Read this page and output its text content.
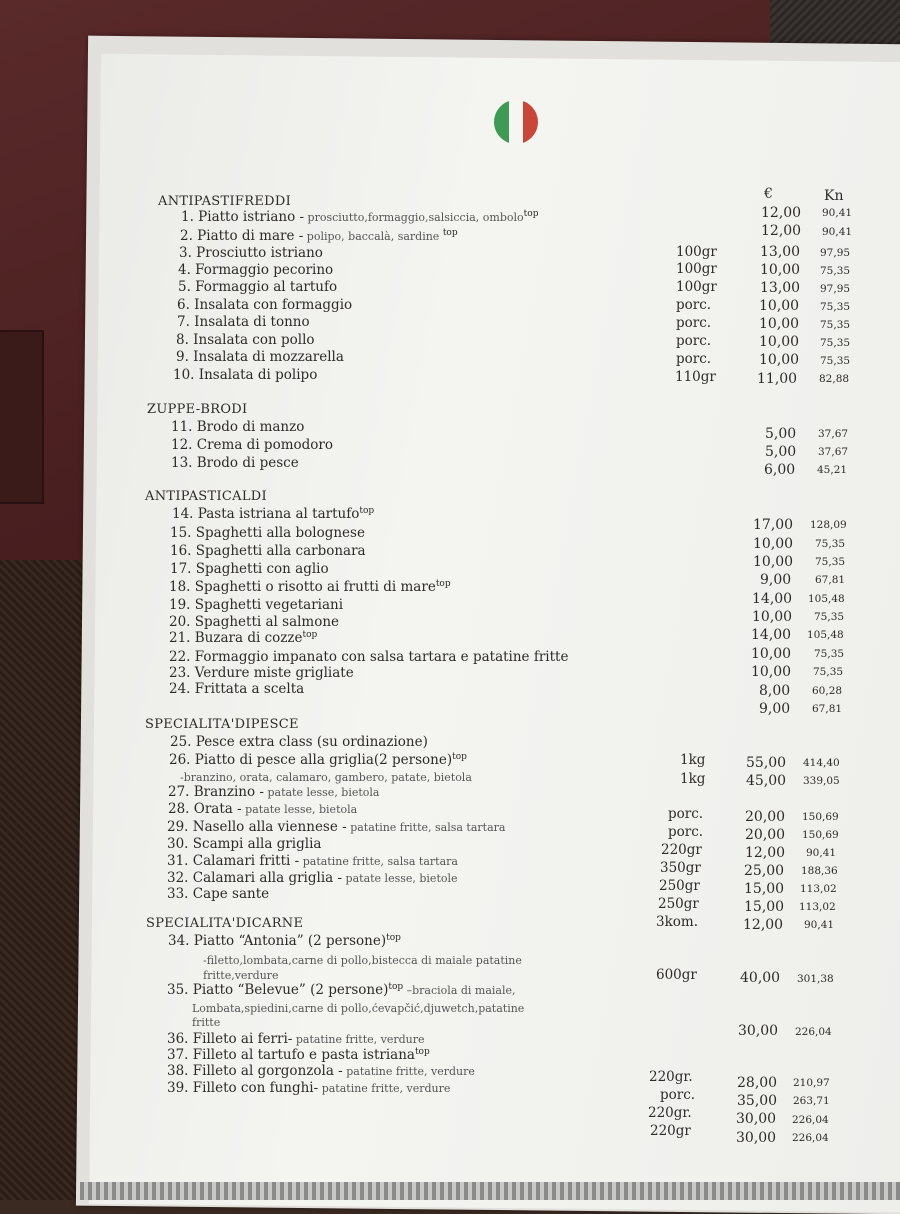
€	Kn
ANTIPASTIFREDDI
ZUPPE-BRODI
ANTIPASTICALDI
SPECIALITA'DIPESCE
SPECIALITA'DICARNE
1. Piatto istriano - prosciutto,formaggio,salsiccia, ombolo$^{top}$
2. Piatto di mare - polipo, baccalà, sardine $^{top}$
3. Prosciutto istriano
4. Formaggio pecorino
5. Formaggio al tartufo
6. Insalata con formaggio
7. Insalata di tonno
8. Insalata con pollo
9. Insalata di mozzarella
10. Insalata di polipo
11. Brodo di manzo
12. Crema di pomodoro
13. Brodo di pesce
14. Pasta istriana al tartufo$^{top}$
15. Spaghetti alla bolognese
16. Spaghetti alla carbonara
17. Spaghetti con aglio
18. Spaghetti o risotto ai frutti di mare$^{top}$
19. Spaghetti vegetariani
20. Spaghetti al salmone
21. Buzara di cozze$^{top}$
22. Formaggio impanato con salsa tartara e patatine fritte
23. Verdure miste grigliate
24. Frittata a scelta
25. Pesce extra class (su ordinazione)
26. Piatto di pesce alla griglia(2 persone)$^{top}$
-branzino, orata, calamaro, gambero, patate, bietola
27. Branzino - patate lesse, bietola
28. Orata - patate lesse, bietola
29. Nasello alla viennese - patatine fritte, salsa tartara
30. Scampi alla griglia
31. Calamari fritti - patatine fritte, salsa tartara
32. Calamari alla griglia - patate lesse, bietole
33. Cape sante
34. Piatto “Antonia” (2 persone)$^{top}$
-filetto,lombata,carne di pollo,bistecca di maiale patatine
fritte,verdure
35. Piatto “Belevue” (2 persone)$^{top}$ –braciola di maiale,
Lombata,spiedini,carne di pollo,ćevapčić,djuwetch,patatine
fritte
36. Filleto ai ferri- patatine fritte, verdure
37. Filleto al tartufo e pasta istriana$^{top}$
38. Filleto al gorgonzola - patatine fritte, verdure
39. Filleto con funghi- patatine fritte, verdure
100gr
100gr
100gr
porc.
porc.
porc.
porc.
110gr
1kg
1kg
porc.
porc.
220gr
350gr
250gr
250gr
3kom.
600gr
220gr.
porc.
220gr.
220gr
12,00
12,00
13,00
10,00
13,00
10,00
10,00
10,00
10,00
11,00
5,00
5,00
6,00
17,00
10,00
10,00
9,00
14,00
10,00
14,00
10,00
10,00
8,00
9,00
55,00
45,00
20,00
20,00
12,00
25,00
15,00
15,00
12,00
40,00
30,00
28,00
35,00
30,00
30,00
90,41
90,41
97,95
75,35
97,95
75,35
75,35
75,35
75,35
82,88
37,67
37,67
45,21
128,09
75,35
75,35
67,81
105,48
75,35
105,48
75,35
75,35
60,28
67,81
414,40
339,05
150,69
150,69
90,41
188,36
113,02
113,02
90,41
301,38
226,04
210,97
263,71
226,04
226,04
